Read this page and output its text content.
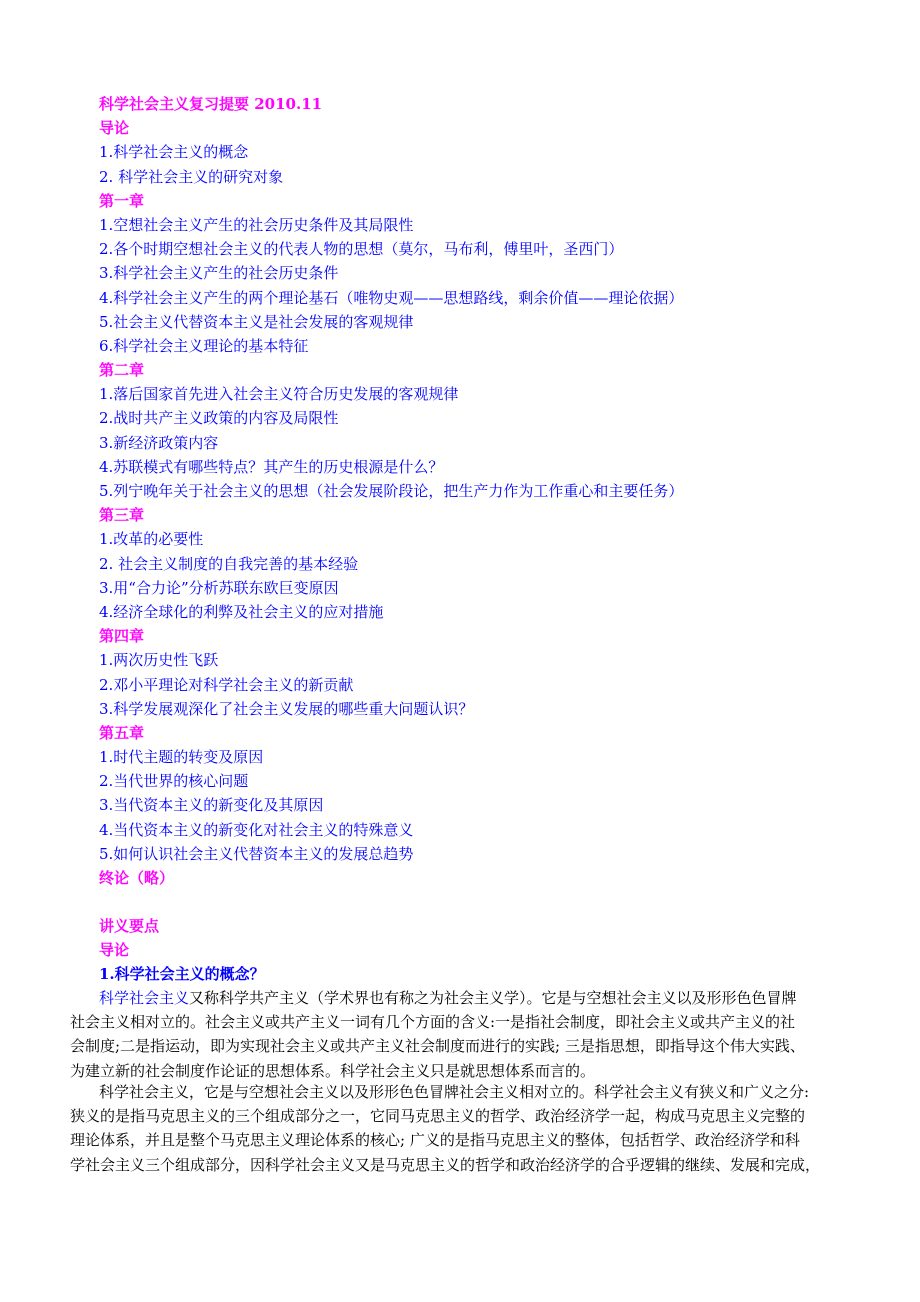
科学社会主义复习提要 2010.11
导论
1.科学社会主义的概念
2. 科学社会主义的研究对象
第一章
1.空想社会主义产生的社会历史条件及其局限性
2.各个时期空想社会主义的代表人物的思想（莫尔，马布利，傅里叶，圣西门）
3.科学社会主义产生的社会历史条件
4.科学社会主义产生的两个理论基石（唯物史观——思想路线，剩余价值——理论依据）
5.社会主义代替资本主义是社会发展的客观规律
6.科学社会主义理论的基本特征
第二章
1.落后国家首先进入社会主义符合历史发展的客观规律
2.战时共产主义政策的内容及局限性
3.新经济政策内容
4.苏联模式有哪些特点？其产生的历史根源是什么？
5.列宁晚年关于社会主义的思想（社会发展阶段论，把生产力作为工作重心和主要任务）
第三章
1.改革的必要性
2. 社会主义制度的自我完善的基本经验
3.用“合力论”分析苏联东欧巨变原因
4.经济全球化的利弊及社会主义的应对措施
第四章
1.两次历史性飞跃
2.邓小平理论对科学社会主义的新贡献
3.科学发展观深化了社会主义发展的哪些重大问题认识？
第五章
1.时代主题的转变及原因
2.当代世界的核心问题
3.当代资本主义的新变化及其原因
4.当代资本主义的新变化对社会主义的特殊意义
5.如何认识社会主义代替资本主义的发展总趋势
终论（略）
讲义要点
导论
1.科学社会主义的概念？
科学社会主义又称科学共产主义（学术界也有称之为社会主义学）。它是与空想社会主义以及形形色色冒牌
社会主义相对立的。社会主义或共产主义一词有几个方面的含义:一是指社会制度，即社会主义或共产主义的社
会制度;二是指运动，即为实现社会主义或共产主义社会制度而进行的实践; 三是指思想，即指导这个伟大实践、
为建立新的社会制度作论证的思想体系。科学社会主义只是就思想体系而言的。
科学社会主义，它是与空想社会主义以及形形色色冒牌社会主义相对立的。科学社会主义有狭义和广义之分:
狭义的是指马克思主义的三个组成部分之一，它同马克思主义的哲学、政治经济学一起，构成马克思主义完整的
理论体系，并且是整个马克思主义理论体系的核心; 广义的是指马克思主义的整体，包括哲学、政治经济学和科
学社会主义三个组成部分，因科学社会主义又是马克思主义的哲学和政治经济学的合乎逻辑的继续、发展和完成，
